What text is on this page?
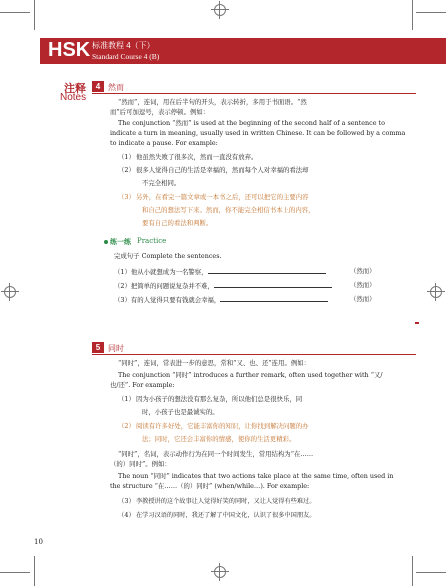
HSK 标准教程 4（下）
Standard Course 4 (B)
注释
Notes
4 然而
“然而”，连词，用在后半句的开头，表示转折，多用于书面语。“然
而”后可加逗号，表示停顿。例如：
The conjunction “然而” is used at the beginning of the second half of a sentence to
indicate a turn in meaning, usually used in written Chinese. It can be followed by a comma
to indicate a pause. For example:
（1） 他虽然失败了很多次，然而一直没有放弃。
（2） 很多人觉得自己的生活是幸福的，然而每个人对幸福的看法却
不完全相同。
（3） 另外，在看完一篇文章或一本书之后，还可以把它的主要内容
和自己的想法写下来。然而，你不能完全相信书本上的内容，
要有自己的看法和判断。
练一练 Practice
完成句子 Complete the sentences.
（1）他从小就想成为一名警察，	（然而）
（2）把简单的问题说复杂并不难，	（然而）
（3）有的人觉得只要有钱就会幸福，	（然而）
5 同时
“同时”，连词，常表进一步的意思，常和“又、也、还”连用。例如：
The conjunction “同时” introduces a further remark, often used together with “又/
也/还”. For example:
（1） 因为小孩子的想法没有那么复杂，所以他们总是很快乐，同
时，小孩子也是最诚实的。
（2） 阅读有许多好处，它能丰富你的知识，让你找到解决问题的办
法；同时，它还会丰富你的情感，使你的生活更精彩。
“同时”，名词，表示动作行为在同一个时间发生，常用结构为“在……
（的）同时”。例如：
The noun “同时” indicates that two actions take place at the same time, often used in
the structure “在……（的）同时” (when/while…). For example:
（3） 李教授讲的这个故事让人觉得好笑的同时，又让人觉得有些难过。
（4） 在学习汉语的同时，我还了解了中国文化，认识了很多中国朋友。
10
